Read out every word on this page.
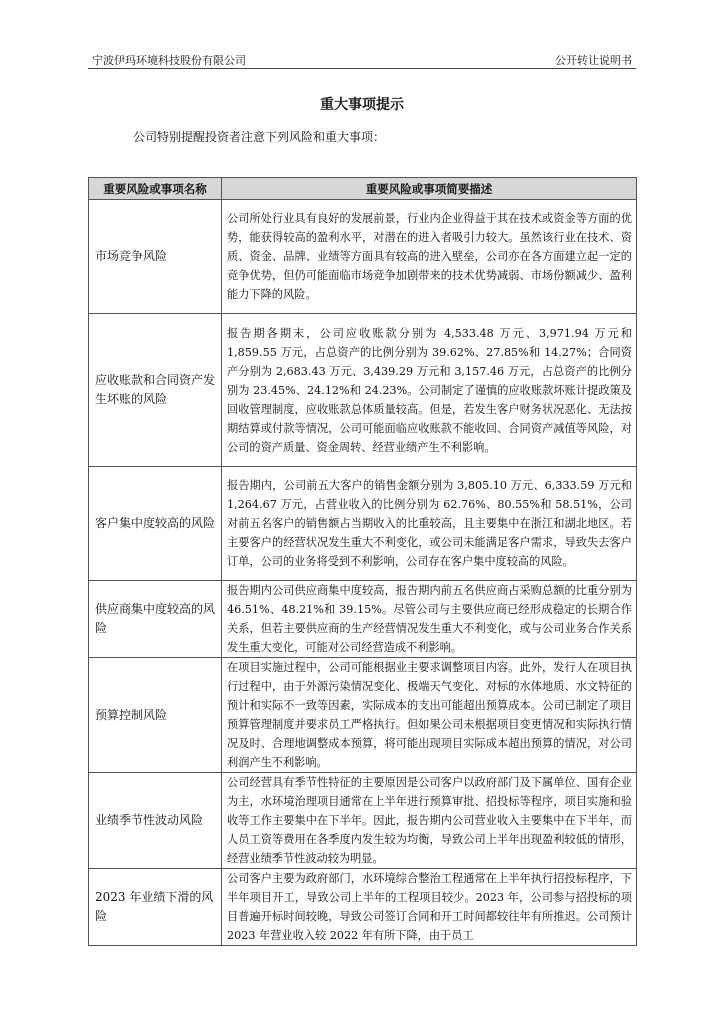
宁波伊玛环境科技股份有限公司	公开转让说明书
重大事项提示
公司特别提醒投资者注意下列风险和重大事项：
重要风险或事项名称	重要风险或事项简要描述
市场竞争风险	公司所处行业具有良好的发展前景，行业内企业得益于其在技术或资金等方面的优势，能获得较高的盈利水平，对潜在的进入者吸引力较大。虽然该行业在技术、资质、资金、品牌、业绩等方面具有较高的进入壁垒，公司亦在各方面建立起一定的竞争优势，但仍可能面临市场竞争加剧带来的技术优势减弱、市场份额减少、盈利能力下降的风险。
应收账款和合同资产发生坏账的风险	报告期各期末，公司应收账款分别为 4,533.48 万元、3,971.94 万元和 1,859.55 万元，占总资产的比例分别为 39.62%、27.85%和 14.27%；合同资产分别为 2,683.43 万元、3,439.29 万元和 3,157.46 万元，占总资产的比例分别为 23.45%、24.12%和 24.23%。公司制定了谨慎的应收账款坏账计提政策及回收管理制度，应收账款总体质量较高。但是，若发生客户财务状况恶化、无法按期结算或付款等情况，公司可能面临应收账款不能收回、合同资产减值等风险，对公司的资产质量、资金周转、经营业绩产生不利影响。
客户集中度较高的风险	报告期内，公司前五大客户的销售金额分别为 3,805.10 万元、6,333.59 万元和 1,264.67 万元，占营业收入的比例分别为 62.76%、80.55%和 58.51%，公司对前五名客户的销售额占当期收入的比重较高，且主要集中在浙江和湖北地区。若主要客户的经营状况发生重大不利变化，或公司未能满足客户需求，导致失去客户订单，公司的业务将受到不利影响，公司存在客户集中度较高的风险。
供应商集中度较高的风险	报告期内公司供应商集中度较高，报告期内前五名供应商占采购总额的比重分别为 46.51%、48.21%和 39.15%。尽管公司与主要供应商已经形成稳定的长期合作关系，但若主要供应商的生产经营情况发生重大不利变化，或与公司业务合作关系发生重大变化，可能对公司经营造成不利影响。
预算控制风险	在项目实施过程中，公司可能根据业主要求调整项目内容。此外，发行人在项目执行过程中，由于外源污染情况变化、极端天气变化、对标的水体地质、水文特征的预计和实际不一致等因素，实际成本的支出可能超出预算成本。公司已制定了项目预算管理制度并要求员工严格执行。但如果公司未根据项目变更情况和实际执行情况及时、合理地调整成本预算，将可能出现项目实际成本超出预算的情况，对公司利润产生不利影响。
业绩季节性波动风险	公司经营具有季节性特征的主要原因是公司客户以政府部门及下属单位、国有企业为主，水环境治理项目通常在上半年进行预算审批、招投标等程序，项目实施和验收等工作主要集中在下半年。因此，报告期内公司营业收入主要集中在下半年，而人员工资等费用在各季度内发生较为均衡，导致公司上半年出现盈利较低的情形，经营业绩季节性波动较为明显。
2023 年业绩下滑的风险	公司客户主要为政府部门，水环境综合整治工程通常在上半年执行招投标程序，下半年项目开工，导致公司上半年的工程项目较少。2023 年，公司参与招投标的项目普遍开标时间较晚，导致公司签订合同和开工时间都较往年有所推迟。公司预计 2023 年营业收入较 2022 年有所下降，由于员工
